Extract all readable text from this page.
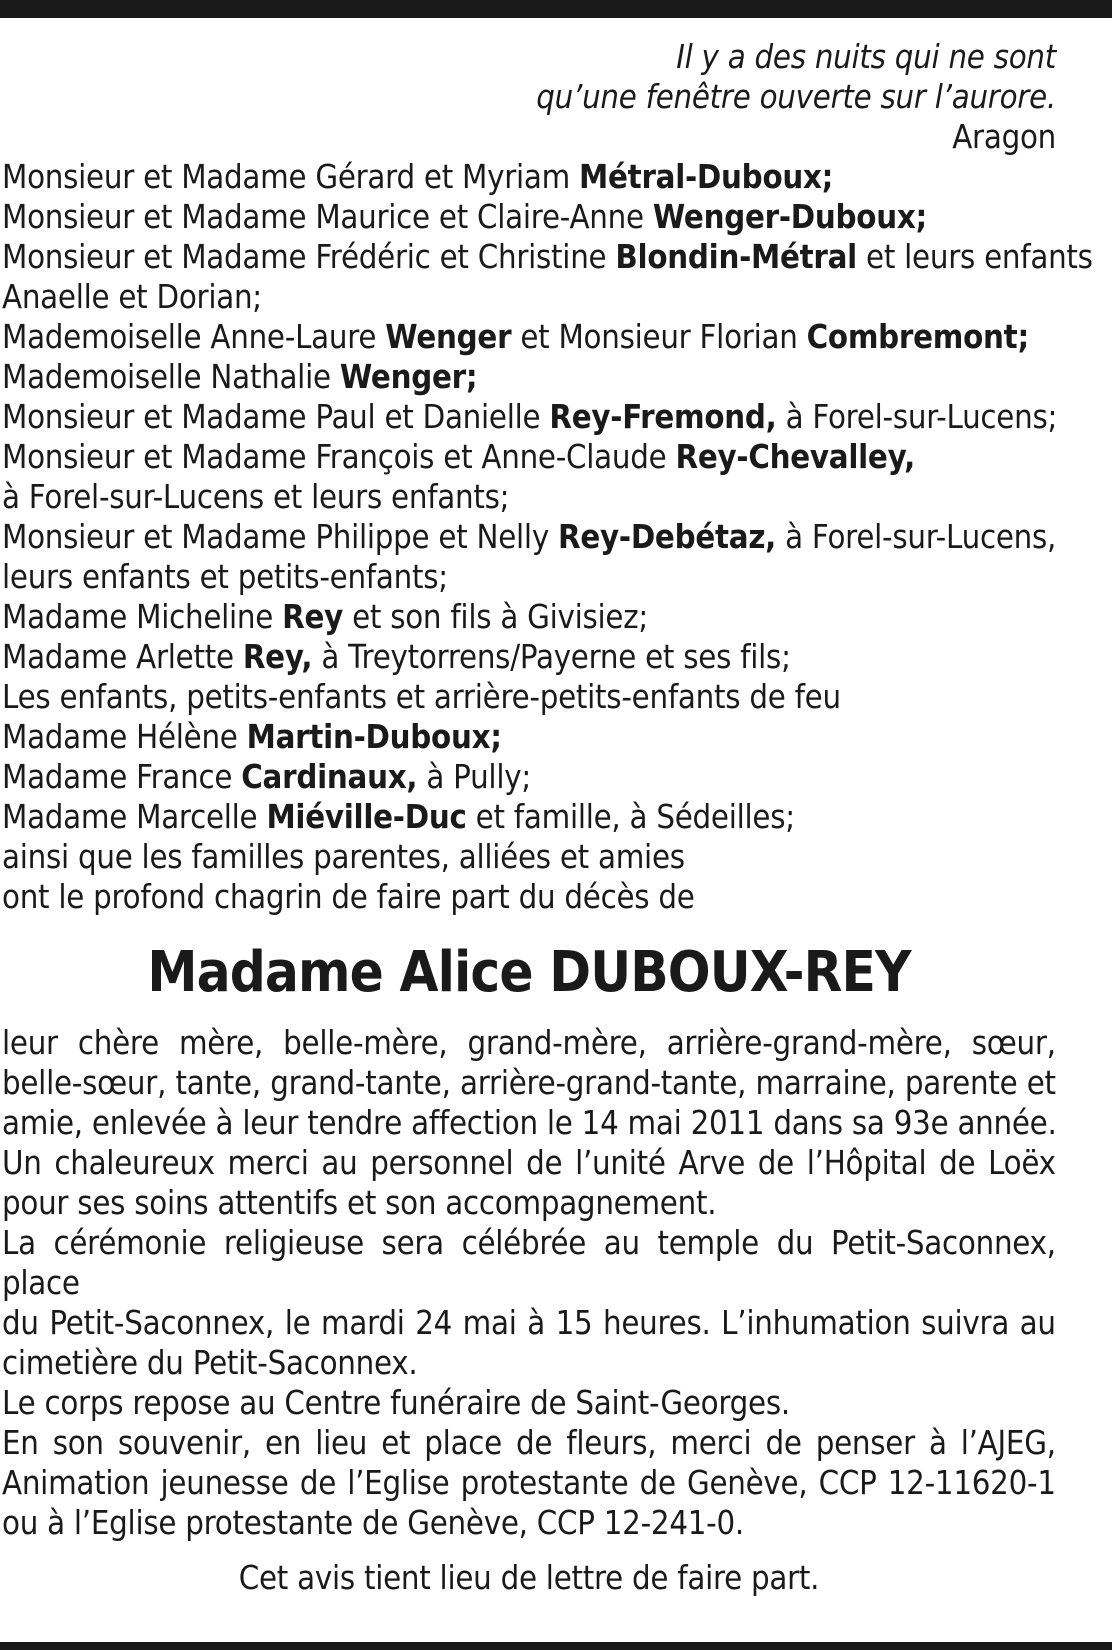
Il y a des nuits qui ne sont
qu’une fenêtre ouverte sur l’aurore.
Aragon
Monsieur et Madame Gérard et Myriam Métral-Duboux;
Monsieur et Madame Maurice et Claire-Anne Wenger-Duboux;
Monsieur et Madame Frédéric et Christine Blondin-Métral et leurs enfants
Anaelle et Dorian;
Mademoiselle Anne-Laure Wenger et Monsieur Florian Combremont;
Mademoiselle Nathalie Wenger;
Monsieur et Madame Paul et Danielle Rey-Fremond, à Forel-sur-Lucens;
Monsieur et Madame François et Anne-Claude Rey-Chevalley,
à Forel-sur-Lucens et leurs enfants;
Monsieur et Madame Philippe et Nelly Rey-Debétaz, à Forel-sur-Lucens,
leurs enfants et petits-enfants;
Madame Micheline Rey et son fils à Givisiez;
Madame Arlette Rey, à Treytorrens/Payerne et ses fils;
Les enfants, petits-enfants et arrière-petits-enfants de feu
Madame Hélène Martin-Duboux;
Madame France Cardinaux, à Pully;
Madame Marcelle Miéville-Duc et famille, à Sédeilles;
ainsi que les familles parentes, alliées et amies
ont le profond chagrin de faire part du décès de
Madame Alice DUBOUX-REY
leur chère mère, belle-mère, grand-mère, arrière-grand-mère, sœur,
belle-sœur, tante, grand-tante, arrière-grand-tante, marraine, parente et
amie, enlevée à leur tendre affection le 14 mai 2011 dans sa 93e année.
Un chaleureux merci au personnel de l’unité Arve de l’Hôpital de Loëx
pour ses soins attentifs et son accompagnement.
La cérémonie religieuse sera célébrée au temple du Petit-Saconnex, place
du Petit-Saconnex, le mardi 24 mai à 15 heures. L’inhumation suivra au
cimetière du Petit-Saconnex.
Le corps repose au Centre funéraire de Saint-Georges.
En son souvenir, en lieu et place de fleurs, merci de penser à l’AJEG,
Animation jeunesse de l’Eglise protestante de Genève, CCP 12-11620-1
ou à l’Eglise protestante de Genève, CCP 12-241-0.
Cet avis tient lieu de lettre de faire part.
